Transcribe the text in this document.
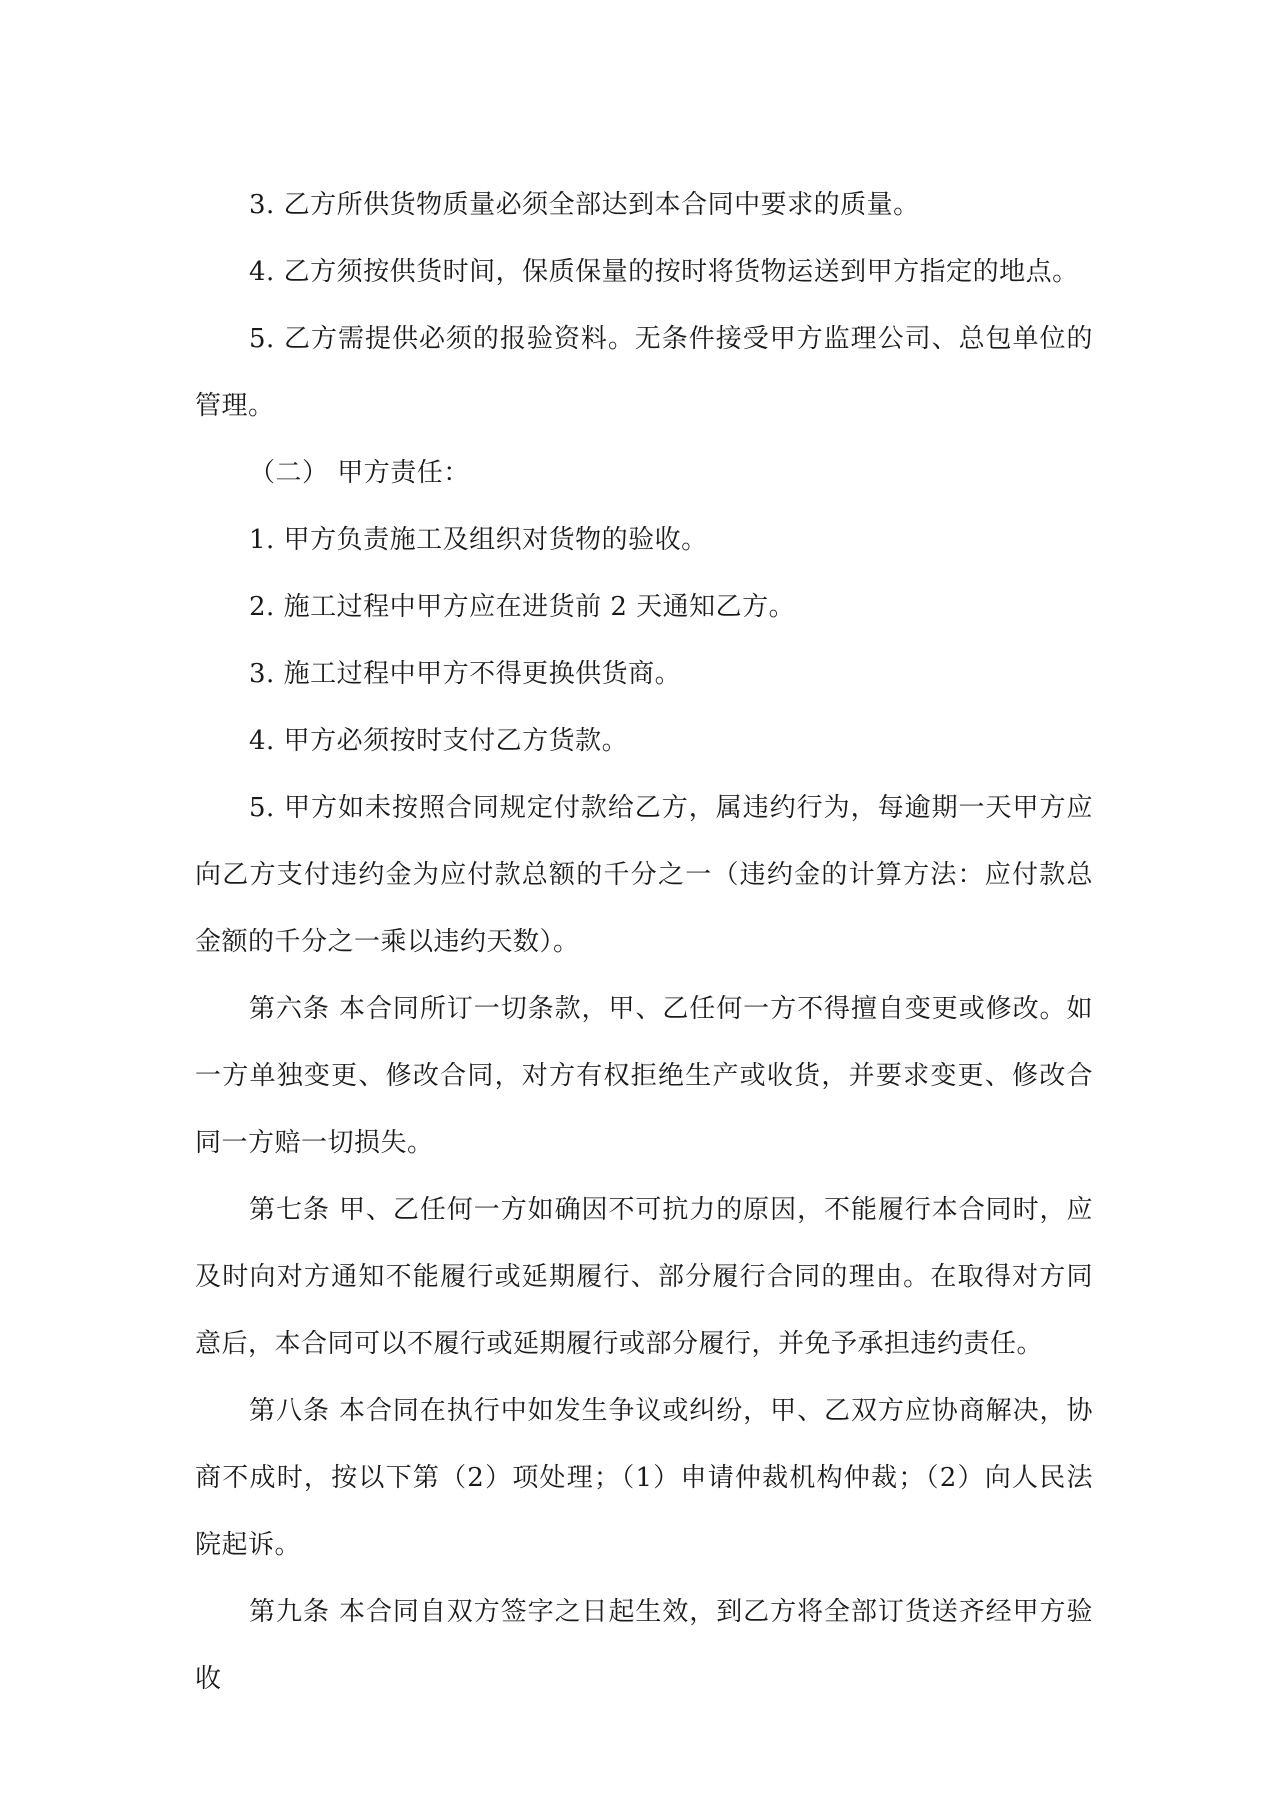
3. 乙方所供货物质量必须全部达到本合同中要求的质量。

4. 乙方须按供货时间，保质保量的按时将货物运送到甲方指定的地点。

5. 乙方需提供必须的报验资料。无条件接受甲方监理公司、总包单位的管理。

（二） 甲方责任：

1. 甲方负责施工及组织对货物的验收。

2. 施工过程中甲方应在进货前 2 天通知乙方。

3. 施工过程中甲方不得更换供货商。

4. 甲方必须按时支付乙方货款。

5. 甲方如未按照合同规定付款给乙方，属违约行为，每逾期一天甲方应向乙方支付违约金为应付款总额的千分之一（违约金的计算方法：应付款总金额的千分之一乘以违约天数）。

第六条 本合同所订一切条款，甲、乙任何一方不得擅自变更或修改。如一方单独变更、修改合同，对方有权拒绝生产或收货，并要求变更、修改合同一方赔一切损失。

第七条 甲、乙任何一方如确因不可抗力的原因，不能履行本合同时，应及时向对方通知不能履行或延期履行、部分履行合同的理由。在取得对方同意后，本合同可以不履行或延期履行或部分履行，并免予承担违约责任。

第八条 本合同在执行中如发生争议或纠纷，甲、乙双方应协商解决，协商不成时，按以下第（2）项处理；（1）申请仲裁机构仲裁；（2）向人民法院起诉。

第九条 本合同自双方签字之日起生效，到乙方将全部订货送齐经甲方验收
